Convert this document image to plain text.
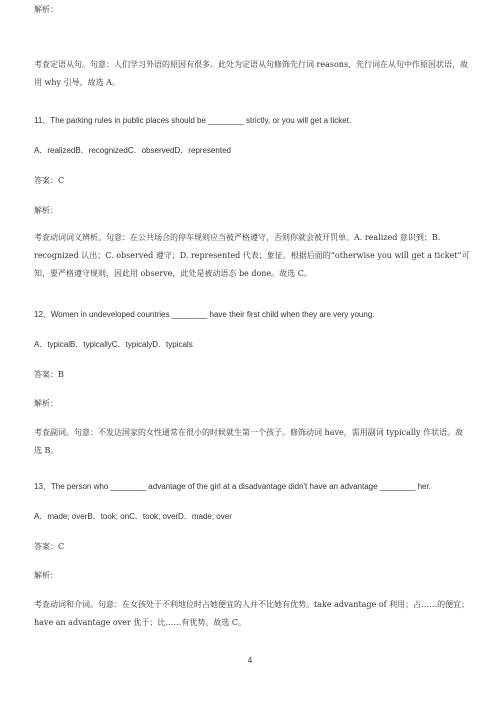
解析：
考查定语从句。句意：人们学习外语的原因有很多。此处为定语从句修饰先行词 reasons，先行词在从句中作原因状语，故用 why 引导。故选 A。
11、The parking rules in public places should be ________ strictly, or you will get a ticket.
A．realizedB．recognizedC．observedD．represented
答案：C
解析：
考查动词词义辨析。句意：在公共场合的停车规则应当被严格遵守，否则你就会被开罚单。A. realized 意识到；B. recognized 认出；C. observed 遵守；D. represented 代表；象征。根据后面的“otherwise you will get a ticket”可知，要严格遵守规则，因此用 observe，此处是被动语态 be done。故选 C。
12、Women in undeveloped countries ________ have their first child when they are very young.
A．typicalB．typicallyC．typicalyD．typicals
答案：B
解析：
考查副词。句意：不发达国家的女性通常在很小的时候就生第一个孩子。修饰动词 have，需用副词 typically 作状语。故选 B。
13、The person who ________ advantage of the girl at a disadvantage didn't have an advantage ________ her.
A．made; overB．took; onC．took; overD．made; over
答案：C
解析：
考查动词和介词。句意：在女孩处于不利地位时占她便宜的人并不比她有优势。take advantage of 利用；占……的便宜；have an advantage over 优于；比……有优势。故选 C。
4
